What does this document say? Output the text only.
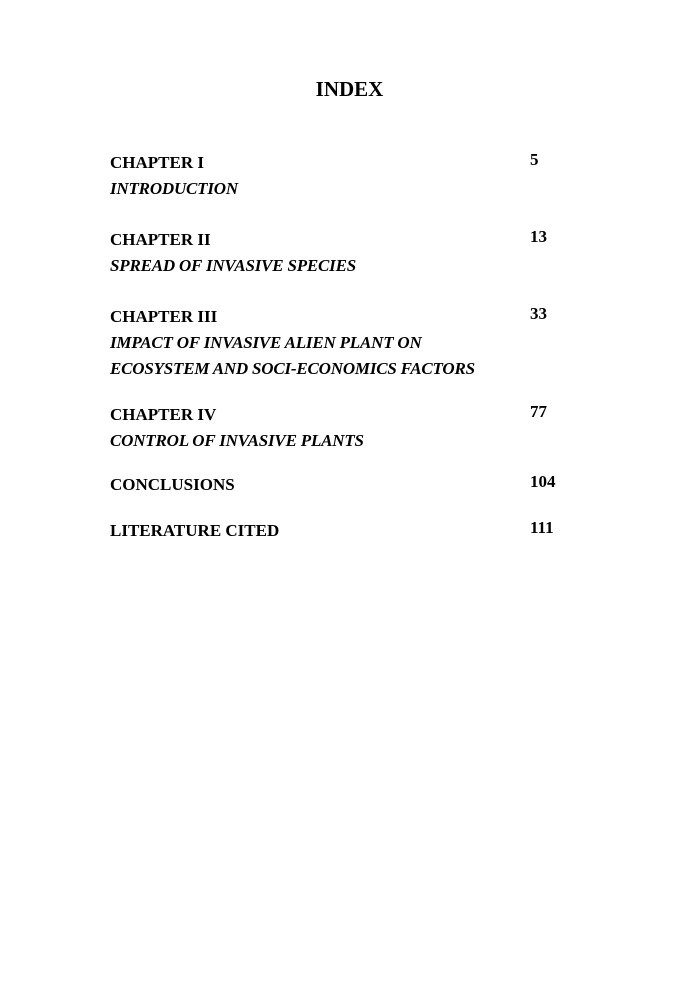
INDEX
CHAPTER I	5
INTRODUCTION
CHAPTER II	13
SPREAD OF INVASIVE SPECIES
CHAPTER III	33
IMPACT OF INVASIVE ALIEN PLANT ON
ECOSYSTEM AND SOCI-ECONOMICS FACTORS
CHAPTER IV	77
CONTROL OF INVASIVE PLANTS
CONCLUSIONS	104
LITERATURE CITED	111
